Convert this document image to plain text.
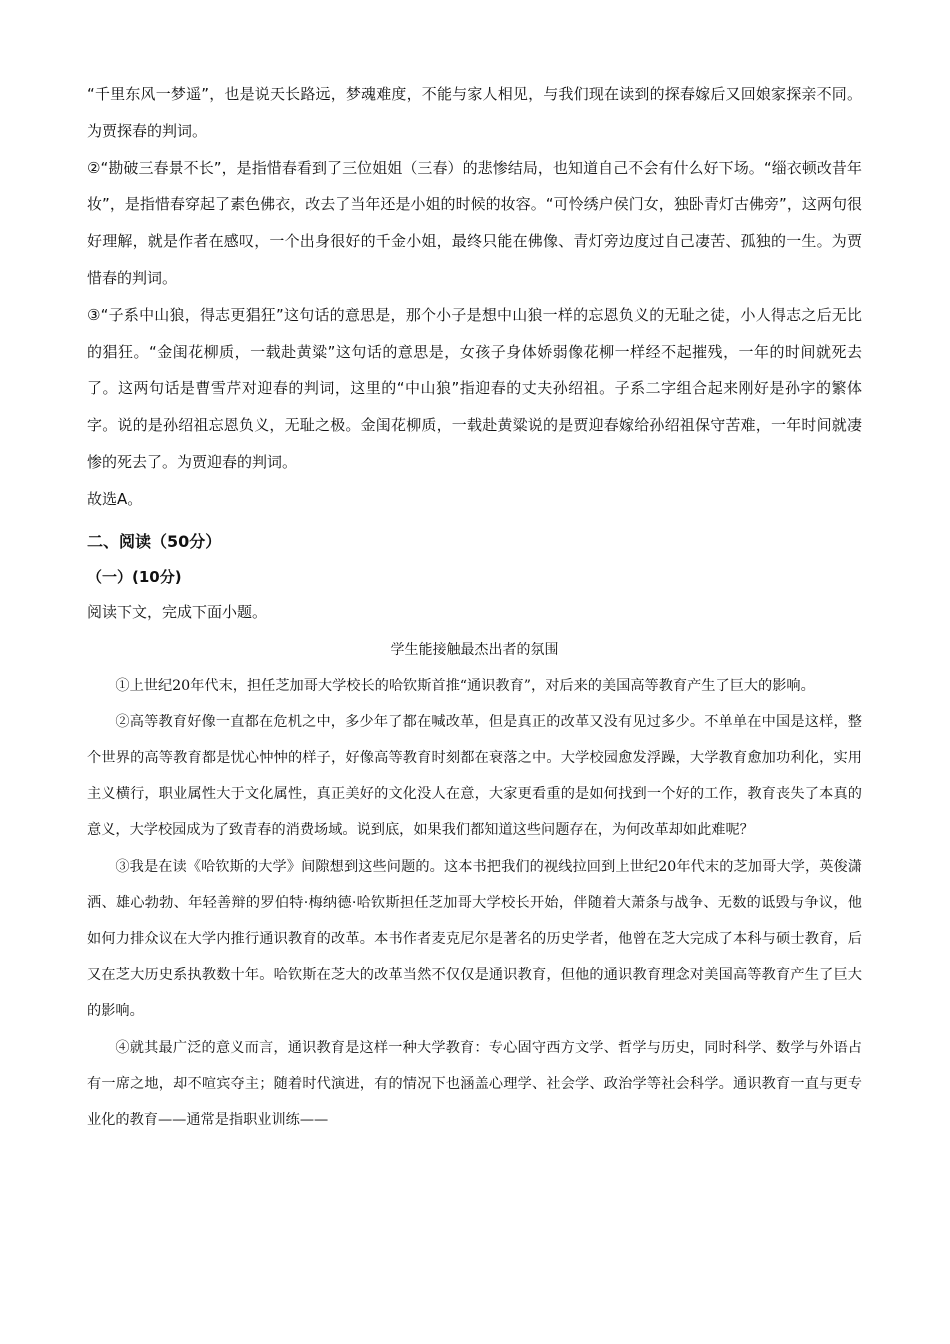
“千里东风一梦遥”，也是说天长路远，梦魂难度，不能与家人相见，与我们现在读到的探春嫁后又回娘家探亲不同。为贾探春的判词。

②“勘破三春景不长”，是指惜春看到了三位姐姐（三春）的悲惨结局，也知道自己不会有什么好下场。“缁衣顿改昔年妆”，是指惜春穿起了素色佛衣，改去了当年还是小姐的时候的妆容。“可怜绣户侯门女，独卧青灯古佛旁”，这两句很好理解，就是作者在感叹，一个出身很好的千金小姐，最终只能在佛像、青灯旁边度过自己凄苦、孤独的一生。为贾惜春的判词。

③“子系中山狼，得志更猖狂”这句话的意思是，那个小子是想中山狼一样的忘恩负义的无耻之徒，小人得志之后无比的猖狂。“金闺花柳质，一载赴黄粱”这句话的意思是，女孩子身体娇弱像花柳一样经不起摧残，一年的时间就死去了。这两句话是曹雪芹对迎春的判词，这里的“中山狼”指迎春的丈夫孙绍祖。子系二字组合起来刚好是孙字的繁体字。说的是孙绍祖忘恩负义，无耻之极。金闺花柳质，一载赴黄粱说的是贾迎春嫁给孙绍祖保守苦难，一年时间就凄惨的死去了。为贾迎春的判词。

故选A。

二、阅读（50分）
（一）(10分)
阅读下文，完成下面小题。
学生能接触最杰出者的氛围

①上世纪20年代末，担任芝加哥大学校长的哈钦斯首推“通识教育”，对后来的美国高等教育产生了巨大的影响。

②高等教育好像一直都在危机之中，多少年了都在喊改革，但是真正的改革又没有见过多少。不单单在中国是这样，整个世界的高等教育都是忧心忡忡的样子，好像高等教育时刻都在衰落之中。大学校园愈发浮躁，大学教育愈加功利化，实用主义横行，职业属性大于文化属性，真正美好的文化没人在意，大家更看重的是如何找到一个好的工作，教育丧失了本真的意义，大学校园成为了致青春的消费场域。说到底，如果我们都知道这些问题存在，为何改革却如此难呢？

③我是在读《哈钦斯的大学》间隙想到这些问题的。这本书把我们的视线拉回到上世纪20年代末的芝加哥大学，英俊潇洒、雄心勃勃、年轻善辩的罗伯特·梅纳德·哈钦斯担任芝加哥大学校长开始，伴随着大萧条与战争、无数的诋毁与争议，他如何力排众议在大学内推行通识教育的改革。本书作者麦克尼尔是著名的历史学者，他曾在芝大完成了本科与硕士教育，后又在芝大历史系执教数十年。哈钦斯在芝大的改革当然不仅仅是通识教育，但他的通识教育理念对美国高等教育产生了巨大的影响。

④就其最广泛的意义而言，通识教育是这样一种大学教育：专心固守西方文学、哲学与历史，同时科学、数学与外语占有一席之地，却不喧宾夺主；随着时代演进，有的情况下也涵盖心理学、社会学、政治学等社会科学。通识教育一直与更专业化的教育——通常是指职业训练——
